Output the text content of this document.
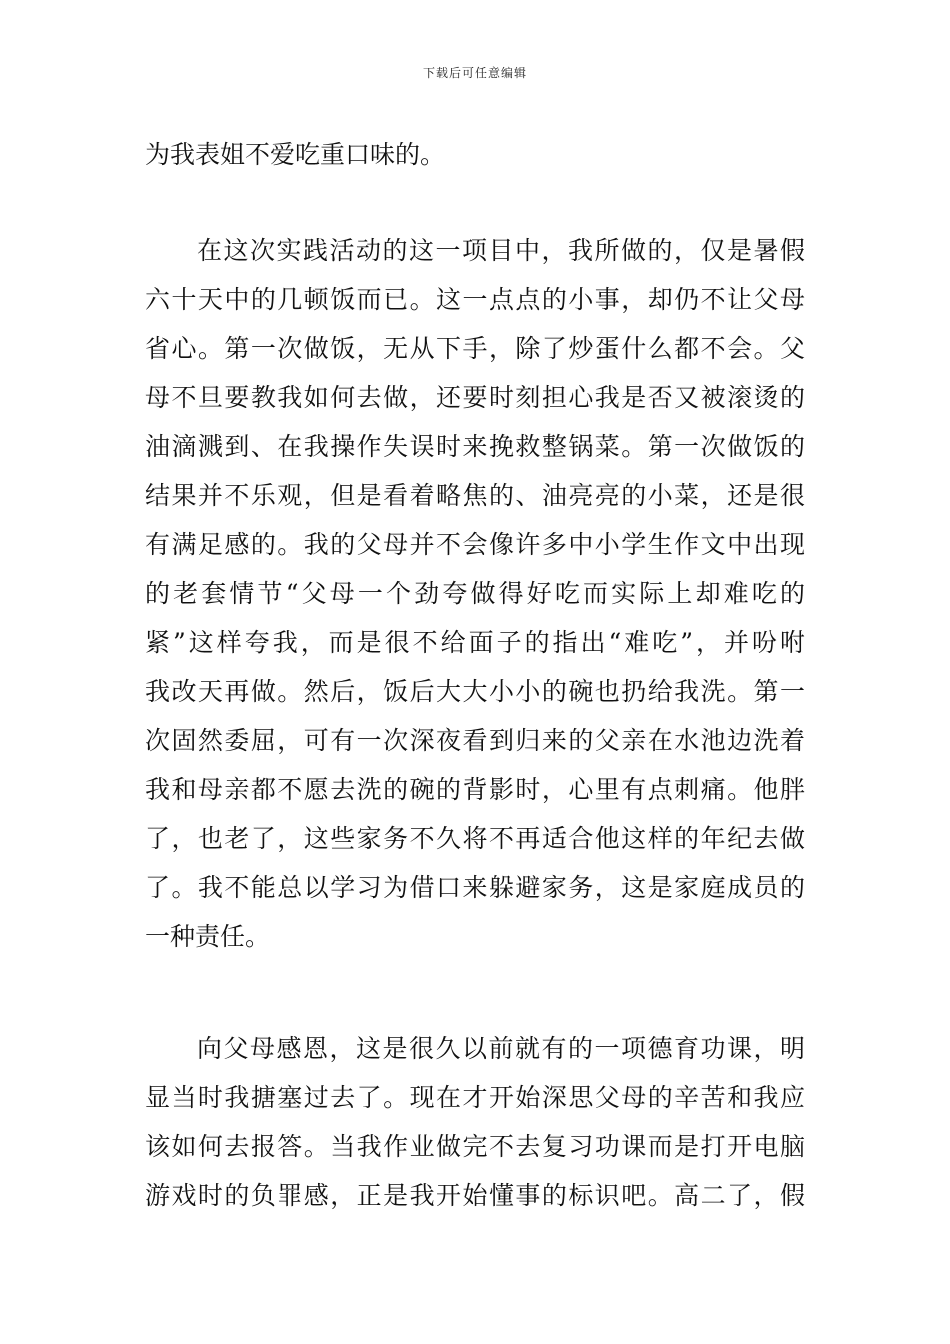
下载后可任意编辑
为我表姐不爱吃重口味的。
在这次实践活动的这一项目中，我所做的，仅是暑假
六十天中的几顿饭而已。这一点点的小事，却仍不让父母
省心。第一次做饭，无从下手，除了炒蛋什么都不会。父
母不旦要教我如何去做，还要时刻担心我是否又被滚烫的
油滴溅到、在我操作失误时来挽救整锅菜。第一次做饭的
结果并不乐观，但是看着略焦的、油亮亮的小菜，还是很
有满足感的。我的父母并不会像许多中小学生作文中出现
的老套情节“父母一个劲夸做得好吃而实际上却难吃的
紧”这样夸我，而是很不给面子的指出“难吃”，并吩咐
我改天再做。然后，饭后大大小小的碗也扔给我洗。第一
次固然委屈，可有一次深夜看到归来的父亲在水池边洗着
我和母亲都不愿去洗的碗的背影时，心里有点刺痛。他胖
了，也老了，这些家务不久将不再适合他这样的年纪去做
了。我不能总以学习为借口来躲避家务，这是家庭成员的
一种责任。
向父母感恩，这是很久以前就有的一项德育功课，明
显当时我搪塞过去了。现在才开始深思父母的辛苦和我应
该如何去报答。当我作业做完不去复习功课而是打开电脑
游戏时的负罪感，正是我开始懂事的标识吧。高二了，假
